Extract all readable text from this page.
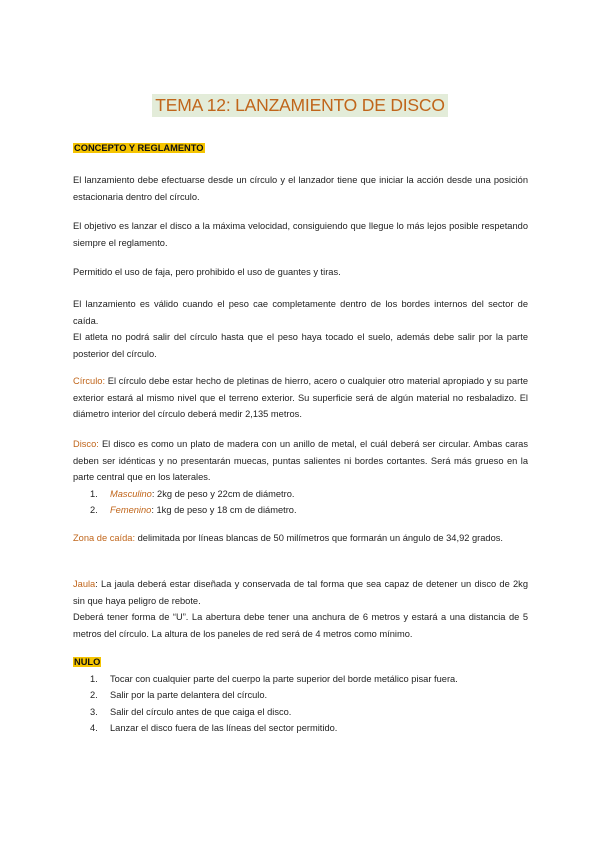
TEMA 12: LANZAMIENTO DE DISCO
CONCEPTO Y REGLAMENTO

El lanzamiento debe efectuarse desde un círculo y el lanzador tiene que iniciar la acción desde una posición estacionaria dentro del círculo.

El objetivo es lanzar el disco a la máxima velocidad, consiguiendo que llegue lo más lejos posible respetando siempre el reglamento.

Permitido el uso de faja, pero prohibido el uso de guantes y tiras.

El lanzamiento es válido cuando el peso cae completamente dentro de los bordes internos del sector de caída.

El atleta no podrá salir del círculo hasta que el peso haya tocado el suelo, además debe salir por la parte posterior del círculo.

Círculo: El círculo debe estar hecho de pletinas de hierro, acero o cualquier otro material apropiado y su parte exterior estará al mismo nivel que el terreno exterior. Su superficie será de algún material no resbaladizo. El diámetro interior del círculo deberá medir 2,135 metros.

Disco: El disco es como un plato de madera con un anillo de metal, el cuál deberá ser circular. Ambas caras deben ser idénticas y no presentarán muecas, puntas salientes ni bordes cortantes. Será más grueso en la parte central que en los laterales.

1. Masculino: 2kg de peso y 22cm de diámetro.
2. Femenino: 1kg de peso y 18 cm de diámetro.

Zona de caída: delimitada por líneas blancas de 50 milímetros que formarán un ángulo de 34,92 grados.

Jaula: La jaula deberá estar diseñada y conservada de tal forma que sea capaz de detener un disco de 2kg sin que haya peligro de rebote.

Deberá tener forma de “U”. La abertura debe tener una anchura de 6 metros y estará a una distancia de 5 metros del círculo. La altura de los paneles de red será de 4 metros como mínimo.

NULO
1. Tocar con cualquier parte del cuerpo la parte superior del borde metálico pisar fuera.
2. Salir por la parte delantera del círculo.
3. Salir del círculo antes de que caiga el disco.
4. Lanzar el disco fuera de las líneas del sector permitido.
